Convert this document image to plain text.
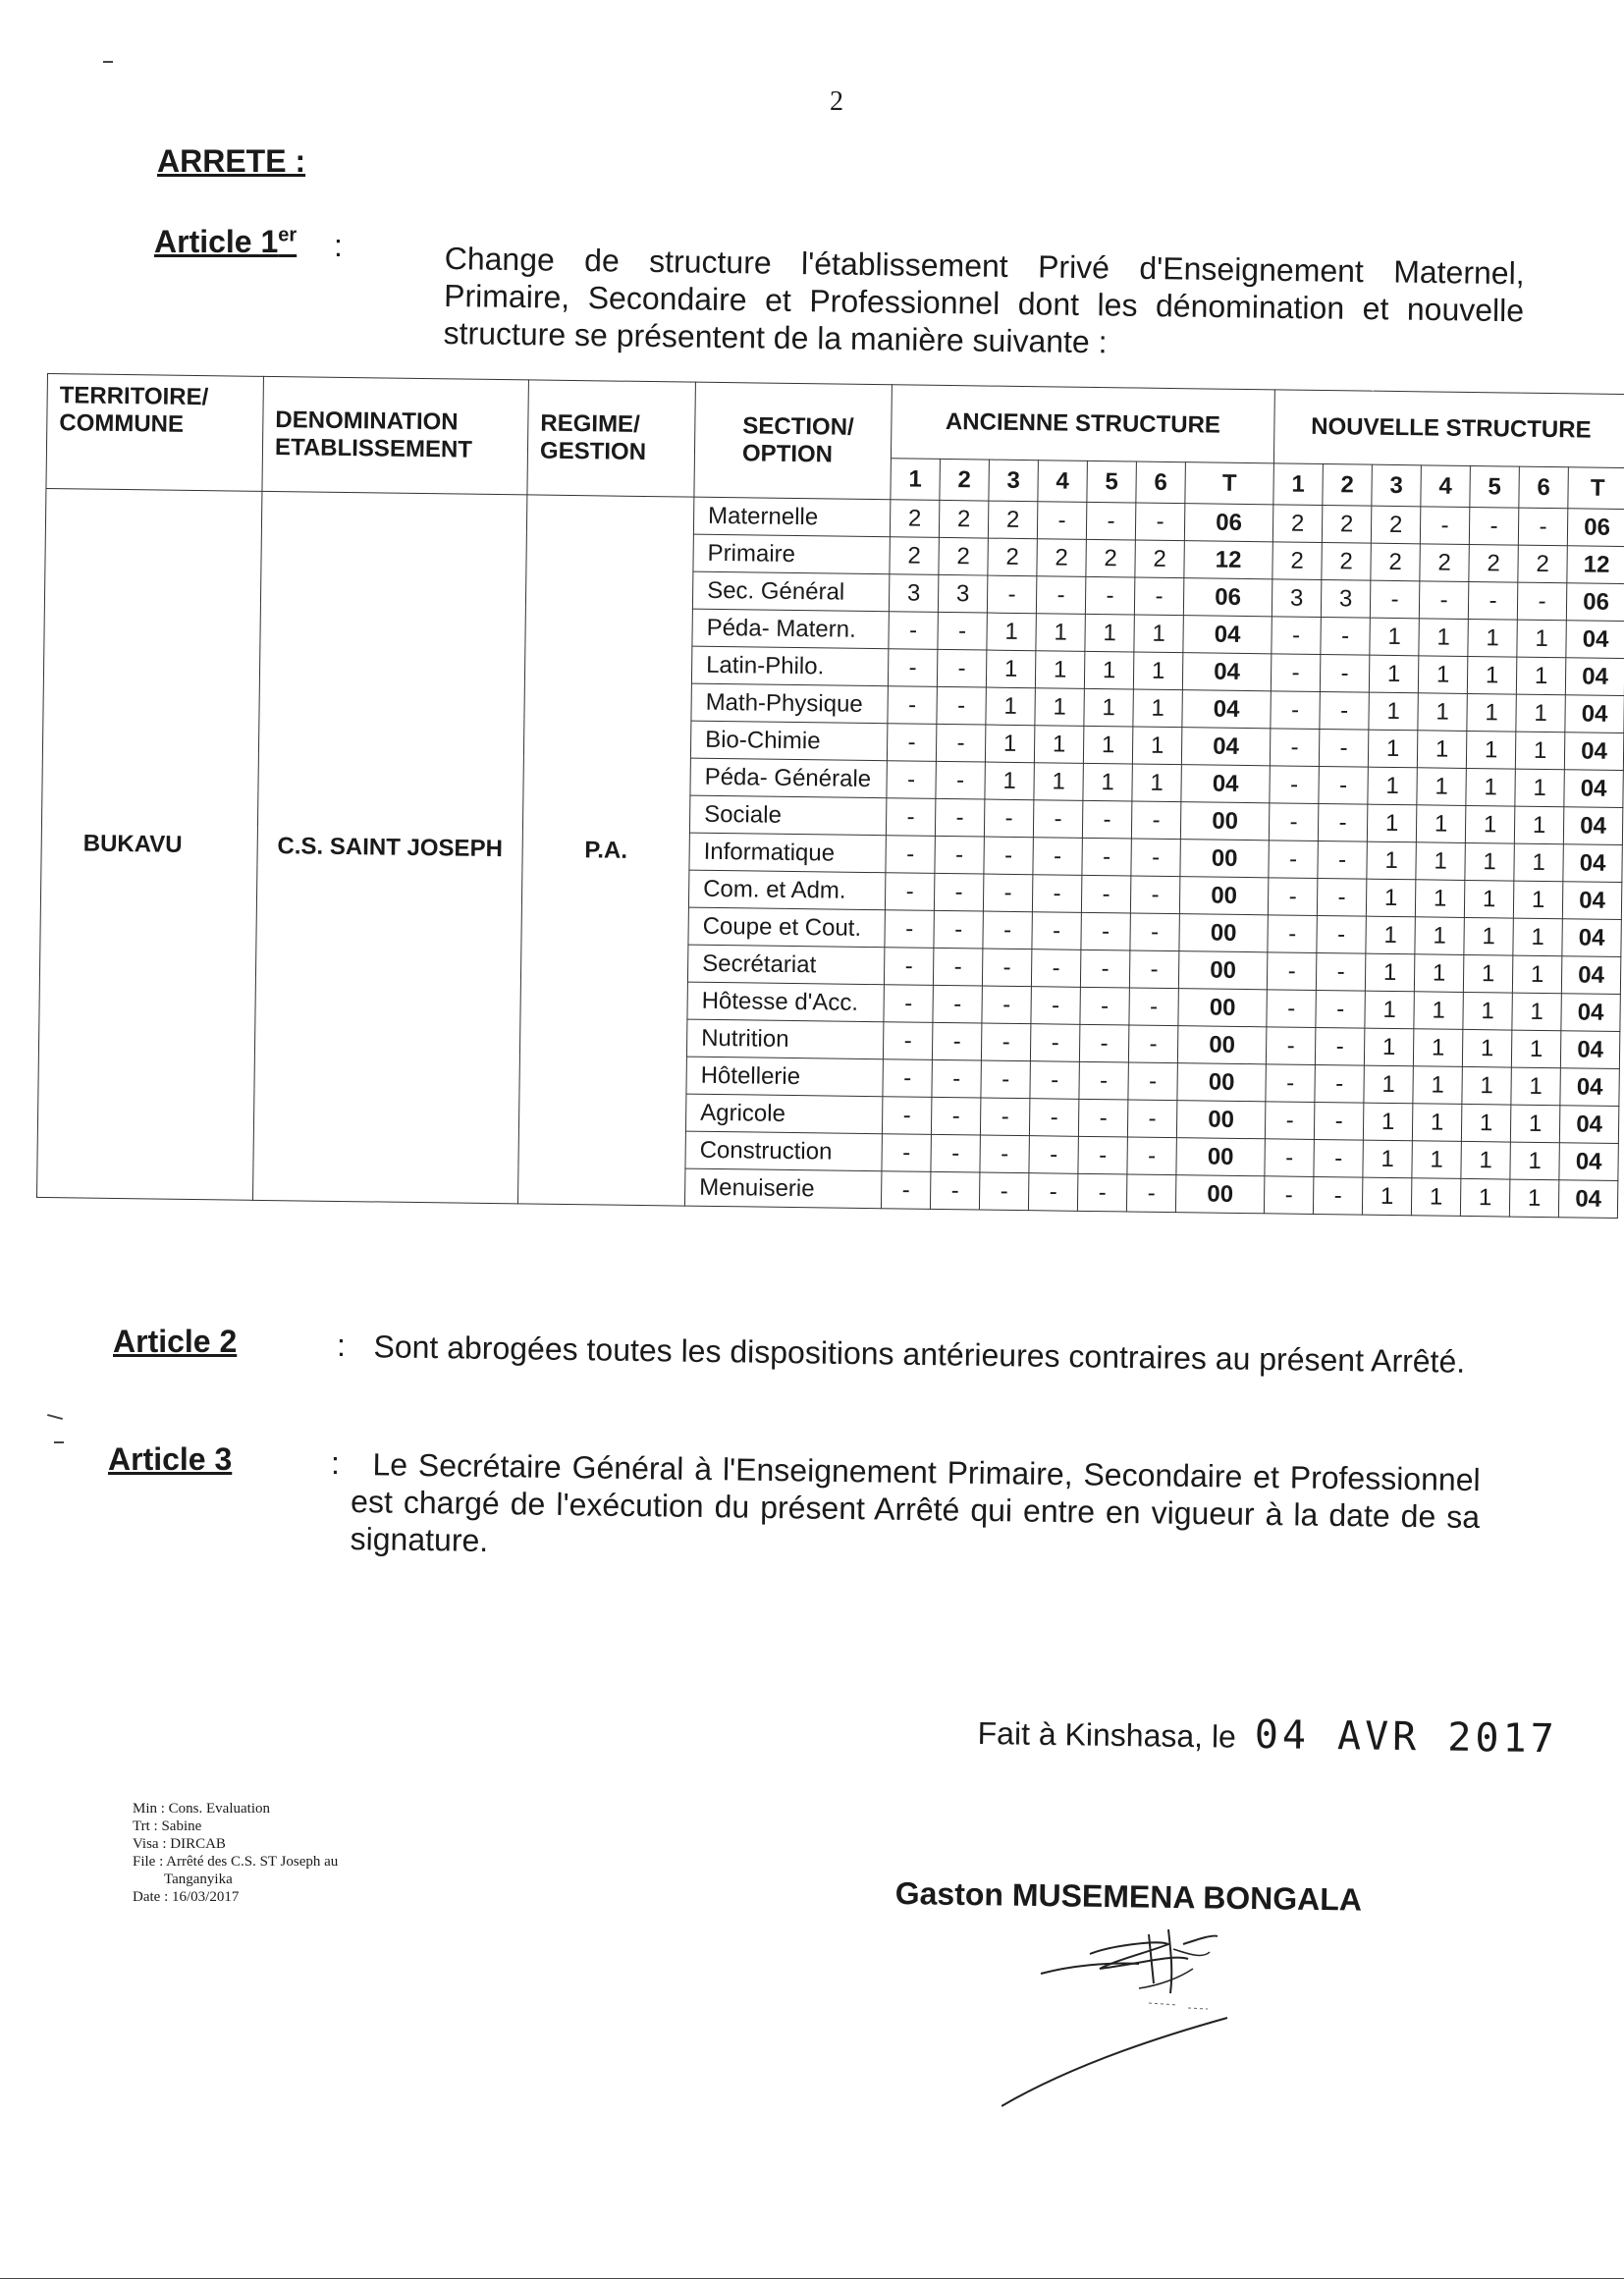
2
ARRETE :
Article 1er :	Change de structure l'établissement Privé d'Enseignement Maternel, Primaire, Secondaire et Professionnel dont les dénomination et nouvelle structure se présentent de la manière suivante :
TERRITOIRE/ COMMUNE	DENOMINATION ETABLISSEMENT	REGIME/ GESTION	SECTION/ OPTION	ANCIENNE STRUCTURE							NOUVELLE STRUCTURE						
				1	2	3	4	5	6	T	1	2	3	4	5	6	T
BUKAVU	C.S. SAINT JOSEPH	P.A.	Maternelle	2	2	2	-	-	-	06	2	2	2	-	-	-	06
			Primaire	2	2	2	2	2	2	12	2	2	2	2	2	2	12
			Sec. Général	3	3	-	-	-	-	06	3	3	-	-	-	-	06
			Péda- Matern.	-	-	1	1	1	1	04	-	-	1	1	1	1	04
			Latin-Philo.	-	-	1	1	1	1	04	-	-	1	1	1	1	04
			Math-Physique	-	-	1	1	1	1	04	-	-	1	1	1	1	04
			Bio-Chimie	-	-	1	1	1	1	04	-	-	1	1	1	1	04
			Péda- Générale	-	-	1	1	1	1	04	-	-	1	1	1	1	04
			Sociale	-	-	-	-	-	-	00	-	-	1	1	1	1	04
			Informatique	-	-	-	-	-	-	00	-	-	1	1	1	1	04
			Com. et Adm.	-	-	-	-	-	-	00	-	-	1	1	1	1	04
			Coupe et Cout.	-	-	-	-	-	-	00	-	-	1	1	1	1	04
			Secrétariat	-	-	-	-	-	-	00	-	-	1	1	1	1	04
			Hôtesse d'Acc.	-	-	-	-	-	-	00	-	-	1	1	1	1	04
			Nutrition	-	-	-	-	-	-	00	-	-	1	1	1	1	04
			Hôtellerie	-	-	-	-	-	-	00	-	-	1	1	1	1	04
			Agricole	-	-	-	-	-	-	00	-	-	1	1	1	1	04
			Construction	-	-	-	-	-	-	00	-	-	1	1	1	1	04
			Menuiserie	-	-	-	-	-	-	00	-	-	1	1	1	1	04
Article 2	: Sont abrogées toutes les dispositions antérieures contraires au présent Arrêté.
Article 3	:	Le Secrétaire Général à l'Enseignement Primaire, Secondaire et Professionnel est chargé de l'exécution du présent Arrêté qui entre en vigueur à la date de sa signature.
Fait à Kinshasa, le 04 AVR 2017
Min : Cons. Evaluation
Trt : Sabine
Visa : DIRCAB
File : Arrêté des C.S. ST Joseph au
Tanganyika
Date : 16/03/2017	Gaston MUSEMENA BONGALA
